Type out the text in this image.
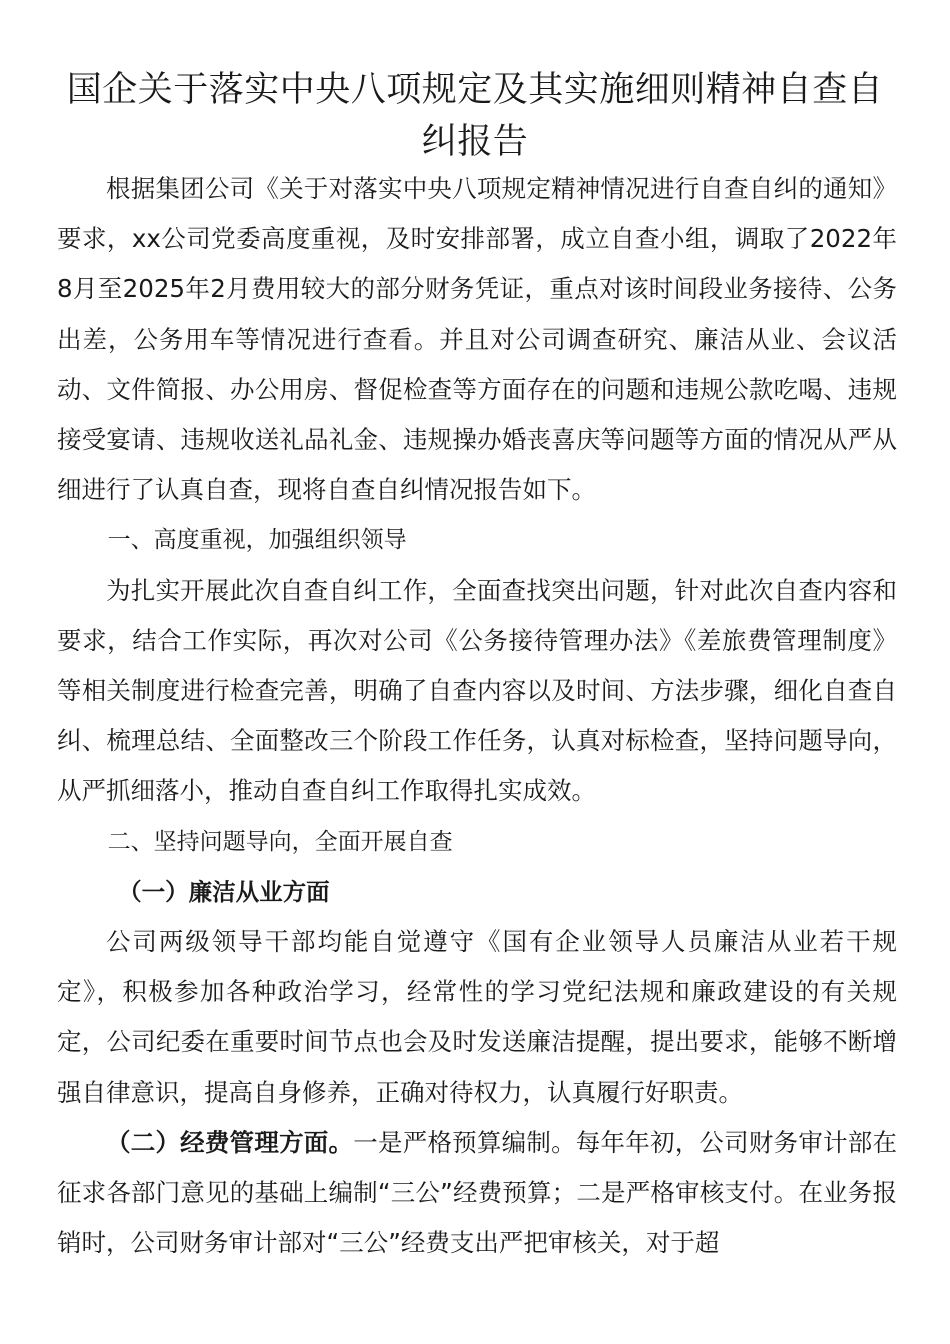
国企关于落实中央八项规定及其实施细则精神自查自纠报告

根据集团公司《关于对落实中央八项规定精神情况进行自查自纠的通知》要求，xx公司党委高度重视，及时安排部署，成立自查小组，调取了2022年8月至2025年2月费用较大的部分财务凭证，重点对该时间段业务接待、公务出差，公务用车等情况进行查看。并且对公司调查研究、廉洁从业、会议活动、文件简报、办公用房、督促检查等方面存在的问题和违规公款吃喝、违规接受宴请、违规收送礼品礼金、违规操办婚丧喜庆等问题等方面的情况从严从细进行了认真自查，现将自查自纠情况报告如下。

一、高度重视，加强组织领导

为扎实开展此次自查自纠工作，全面查找突出问题，针对此次自查内容和要求，结合工作实际，再次对公司《公务接待管理办法》《差旅费管理制度》等相关制度进行检查完善，明确了自查内容以及时间、方法步骤，细化自查自纠、梳理总结、全面整改三个阶段工作任务，认真对标检查，坚持问题导向，从严抓细落小，推动自查自纠工作取得扎实成效。

二、坚持问题导向，全面开展自查

（一）廉洁从业方面

公司两级领导干部均能自觉遵守《国有企业领导人员廉洁从业若干规定》，积极参加各种政治学习，经常性的学习党纪法规和廉政建设的有关规定，公司纪委在重要时间节点也会及时发送廉洁提醒，提出要求，能够不断增强自律意识，提高自身修养，正确对待权力，认真履行好职责。

（二）经费管理方面。一是严格预算编制。每年年初，公司财务审计部在征求各部门意见的基础上编制“三公”经费预算；二是严格审核支付。在业务报销时，公司财务审计部对“三公”经费支出严把审核关，对于超
